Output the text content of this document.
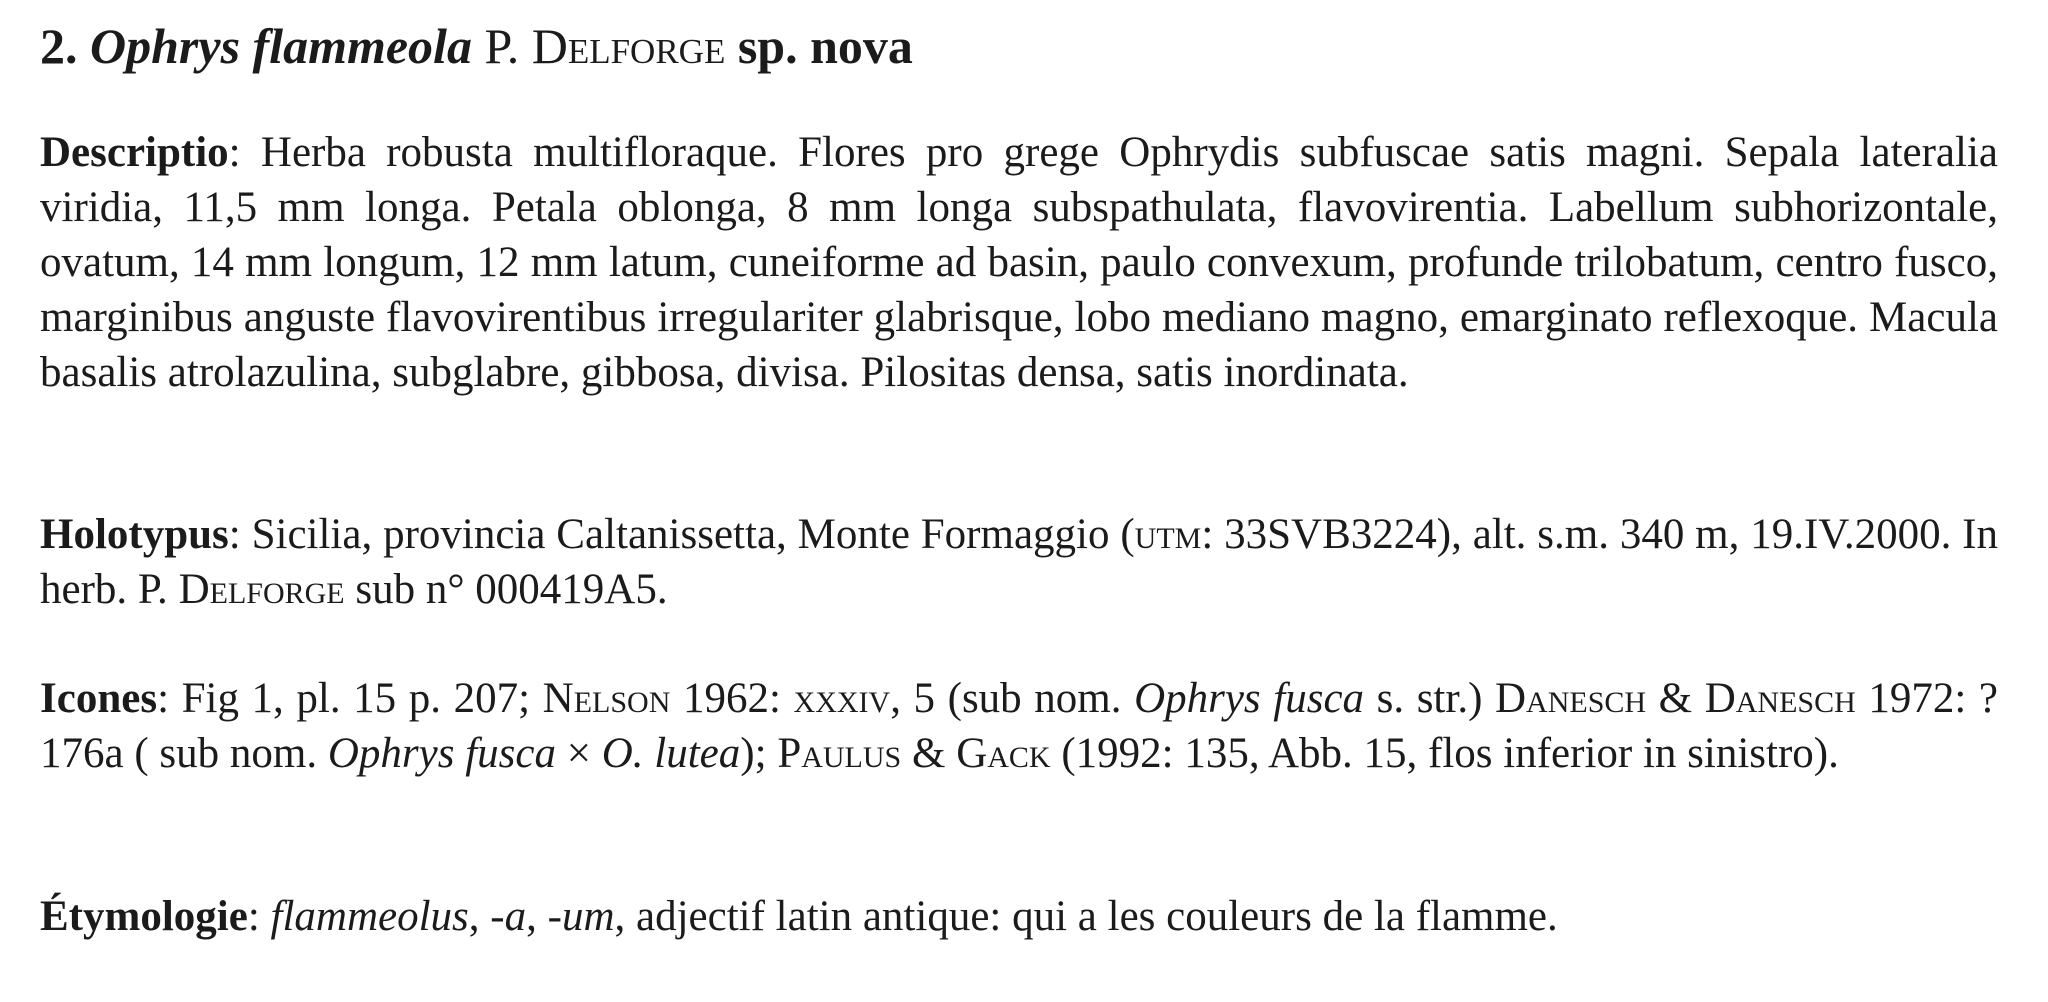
2. Ophrys flammeola P. Delforge sp. nova

Descriptio: Herba robusta multifloraque. Flores pro grege Ophrydis subfuscae satis magni. Sepala lateralia viridia, 11,5 mm longa. Petala oblonga, 8 mm longa subspathulata, flavovirentia. Labellum subhorizontale, ovatum, 14 mm longum, 12 mm latum, cuneiforme ad basin, paulo convexum, profunde trilobatum, centro fusco, marginibus anguste flavovirentibus irregulariter glabrisque, lobo mediano magno, emarginato reflexoque. Macula basalis atrolazulina, subglabre, gibbosa, divisa. Pilositas densa, satis inordinata.

Holotypus: Sicilia, provincia Caltanissetta, Monte Formaggio (utm: 33SVB3224), alt. s.m. 340 m, 19.IV.2000. In herb. P. Delforge sub n° 000419A5.

Icones: Fig 1, pl. 15 p. 207; Nelson 1962: xxxiv, 5 (sub nom. Ophrys fusca s. str.) Danesch & Danesch 1972: ?176a ( sub nom. Ophrys fusca × O. lutea); Paulus & Gack (1992: 135, Abb. 15, flos inferior in sinistro).

Étymologie: flammeolus, -a, -um, adjectif latin antique: qui a les couleurs de la flamme.
